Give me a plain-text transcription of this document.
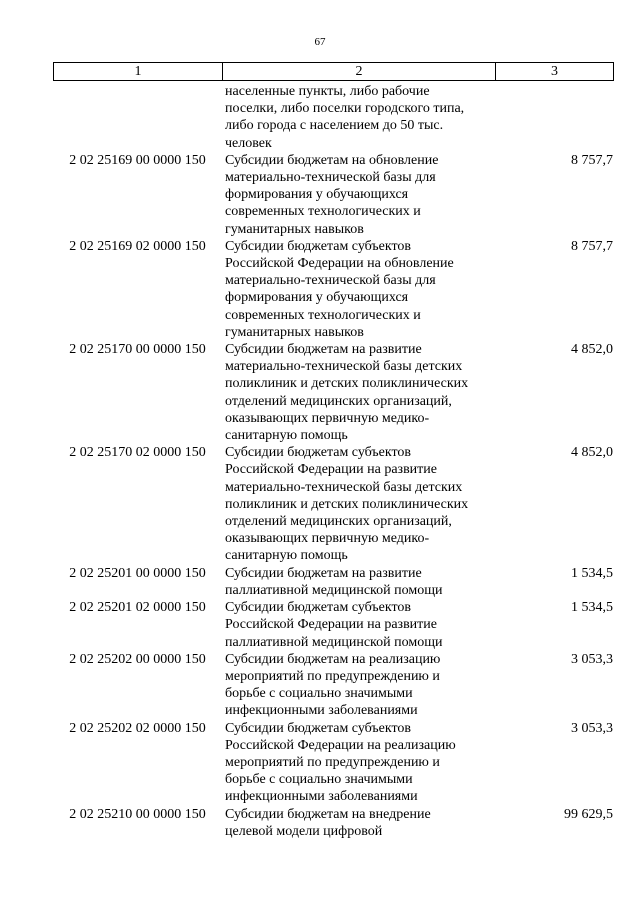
67
1	2	3
населенные пункты, либо рабочие
поселки, либо поселки городского типа,
либо города с населением до 50 тыс.
человек
2 02 25169 00 0000 150	Субсидии бюджетам на обновление
материально-технической базы для
формирования у обучающихся
современных технологических и
гуманитарных навыков
8 757,7
2 02 25169 02 0000 150	Субсидии бюджетам субъектов
Российской Федерации на обновление
материально-технической базы для
формирования у обучающихся
современных технологических и
гуманитарных навыков
8 757,7
2 02 25170 00 0000 150	Субсидии бюджетам на развитие
материально-технической базы детских
поликлиник и детских поликлинических
отделений медицинских организаций,
оказывающих первичную медико-
санитарную помощь
4 852,0
2 02 25170 02 0000 150	Субсидии бюджетам субъектов
Российской Федерации на развитие
материально-технической базы детских
поликлиник и детских поликлинических
отделений медицинских организаций,
оказывающих первичную медико-
санитарную помощь
4 852,0
2 02 25201 00 0000 150	Субсидии бюджетам на развитие
паллиативной медицинской помощи
1 534,5
2 02 25201 02 0000 150	Субсидии бюджетам субъектов
Российской Федерации на развитие
паллиативной медицинской помощи
1 534,5
2 02 25202 00 0000 150	Субсидии бюджетам на реализацию
мероприятий по предупреждению и
борьбе с социально значимыми
инфекционными заболеваниями
3 053,3
2 02 25202 02 0000 150	Субсидии бюджетам субъектов
Российской Федерации на реализацию
мероприятий по предупреждению и
борьбе с социально значимыми
инфекционными заболеваниями
3 053,3
2 02 25210 00 0000 150	Субсидии бюджетам на внедрение
целевой модели цифровой
99 629,5
